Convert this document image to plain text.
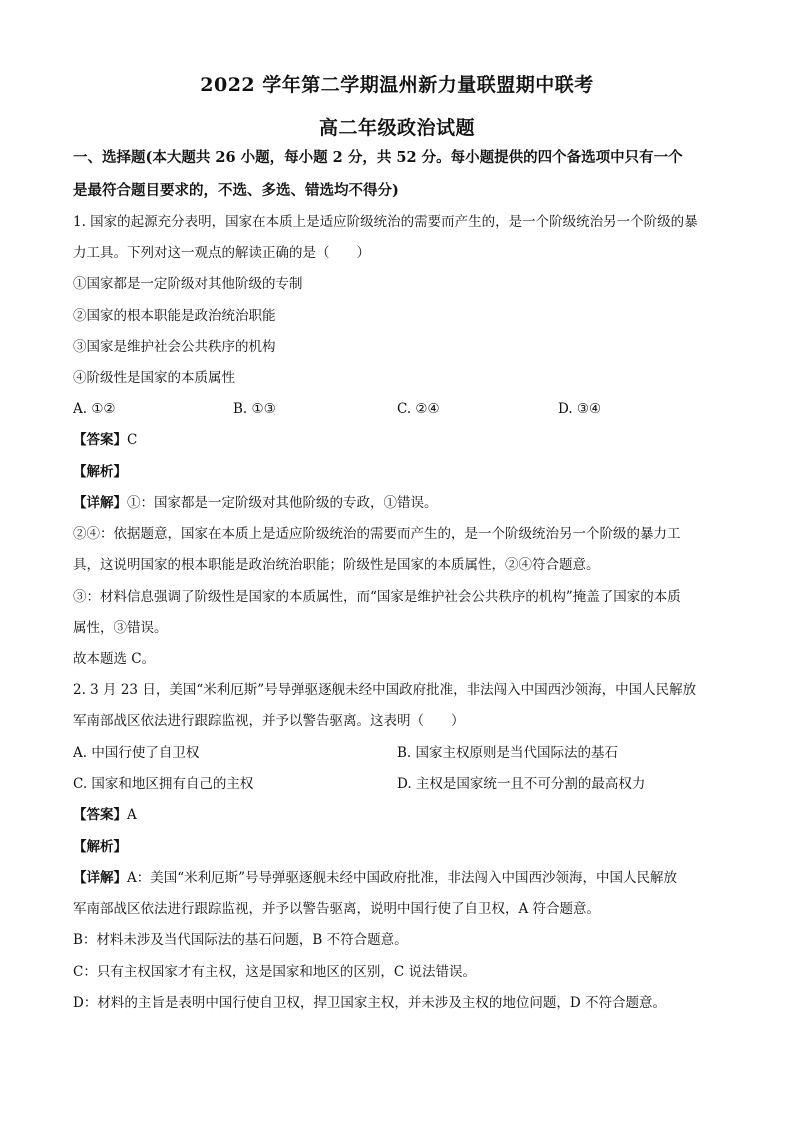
2022 学年第二学期温州新力量联盟期中联考
高二年级政治试题
一、选择题(本大题共 26 小题，每小题 2 分，共 52 分。每小题提供的四个备选项中只有一个
是最符合题目要求的，不选、多选、错选均不得分)
1. 国家的起源充分表明，国家在本质上是适应阶级统治的需要而产生的，是一个阶级统治另一个阶级的暴
力工具。下列对这一观点的解读正确的是（　　）
①国家都是一定阶级对其他阶级的专制
②国家的根本职能是政治统治职能
③国家是维护社会公共秩序的机构
④阶级性是国家的本质属性
A. ①②	B. ①③	C. ②④	D. ③④
【答案】C
【解析】
【详解】①：国家都是一定阶级对其他阶级的专政，①错误。
②④：依据题意，国家在本质上是适应阶级统治的需要而产生的，是一个阶级统治另一个阶级的暴力工
具，这说明国家的根本职能是政治统治职能；阶级性是国家的本质属性，②④符合题意。
③：材料信息强调了阶级性是国家的本质属性，而“国家是维护社会公共秩序的机构”掩盖了国家的本质
属性，③错误。
故本题选 C。
2. 3 月 23 日，美国“米利厄斯”号导弹驱逐舰未经中国政府批准，非法闯入中国西沙领海，中国人民解放
军南部战区依法进行跟踪监视，并予以警告驱离。这表明（　　）
A. 中国行使了自卫权	B. 国家主权原则是当代国际法的基石
C. 国家和地区拥有自己的主权	D. 主权是国家统一且不可分割的最高权力
【答案】A
【解析】
【详解】A：美国“米利厄斯”号导弹驱逐舰未经中国政府批准，非法闯入中国西沙领海，中国人民解放
军南部战区依法进行跟踪监视，并予以警告驱离，说明中国行使了自卫权，A 符合题意。
B：材料未涉及当代国际法的基石问题，B 不符合题意。
C：只有主权国家才有主权，这是国家和地区的区别，C 说法错误。
D：材料的主旨是表明中国行使自卫权，捍卫国家主权，并未涉及主权的地位问题，D 不符合题意。
